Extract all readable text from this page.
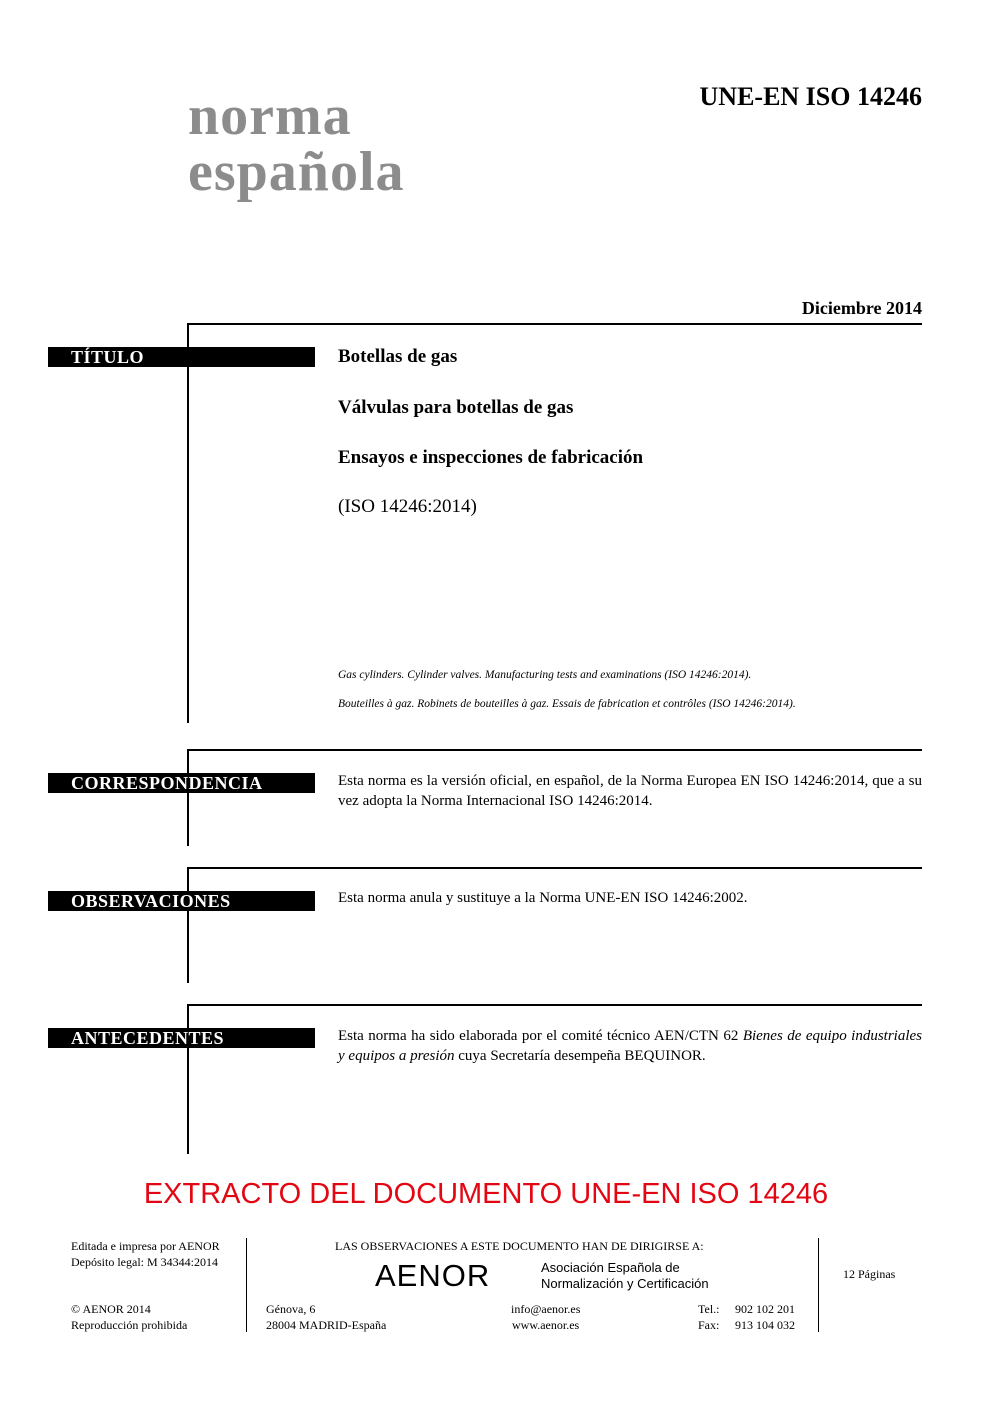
norma
española
UNE-EN ISO 14246
Diciembre 2014
TÍTULO	Botellas de gas
Válvulas para botellas de gas
Ensayos e inspecciones de fabricación
(ISO 14246:2014)
Gas cylinders. Cylinder valves. Manufacturing tests and examinations (ISO 14246:2014).
Bouteilles à gaz. Robinets de bouteilles à gaz. Essais de fabrication et contrôles (ISO 14246:2014).
CORRESPONDENCIA	Esta norma es la versión oficial, en español, de la Norma Europea EN ISO 14246:2014, que a su vez adopta la Norma Internacional ISO 14246:2014.
OBSERVACIONES	Esta norma anula y sustituye a la Norma UNE-EN ISO 14246:2002.
ANTECEDENTES	Esta norma ha sido elaborada por el comité técnico AEN/CTN 62 Bienes de equipo industriales y equipos a presión cuya Secretaría desempeña BEQUINOR.
EXTRACTO DEL DOCUMENTO UNE-EN ISO 14246
Editada e impresa por AENOR
Depósito legal: M 34344:2014
© AENOR 2014
Reproducción prohibida
LAS OBSERVACIONES A ESTE DOCUMENTO HAN DE DIRIGIRSE A:
AENOR	Asociación Española de
Normalización y Certificación
Génova, 6
28004 MADRID-España
info@aenor.es
www.aenor.es
Tel.: 902 102 201
Fax: 913 104 032
12 Páginas
